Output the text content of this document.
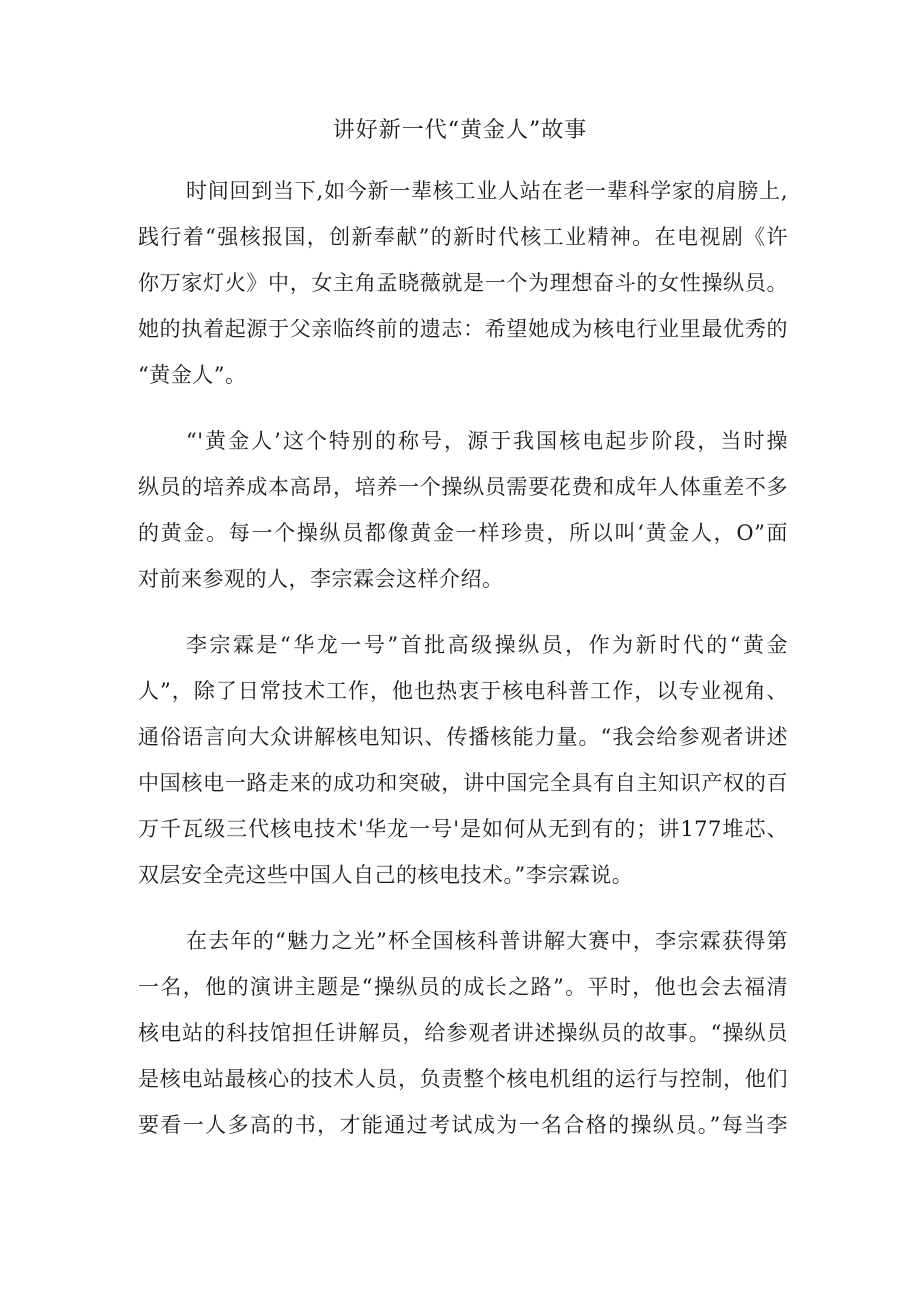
讲好新一代“黄金人”故事
时间回到当下,如今新一辈核工业人站在老一辈科学家的肩膀上,
践行着“强核报国，创新奉献”的新时代核工业精神。在电视剧《许
你万家灯火》中，女主角孟晓薇就是一个为理想奋斗的女性操纵员。
她的执着起源于父亲临终前的遗志：希望她成为核电行业里最优秀的
“黄金人”。
“'黄金人’这个特别的称号，源于我国核电起步阶段，当时操
纵员的培养成本高昂，培养一个操纵员需要花费和成年人体重差不多
的黄金。每一个操纵员都像黄金一样珍贵，所以叫‘黄金人，O”面
对前来参观的人，李宗霖会这样介绍。
李宗霖是“华龙一号”首批高级操纵员，作为新时代的“黄金
人”，除了日常技术工作，他也热衷于核电科普工作，以专业视角、
通俗语言向大众讲解核电知识、传播核能力量。“我会给参观者讲述
中国核电一路走来的成功和突破，讲中国完全具有自主知识产权的百
万千瓦级三代核电技术'华龙一号'是如何从无到有的；讲177堆芯、
双层安全壳这些中国人自己的核电技术。”李宗霖说。
在去年的“魅力之光”杯全国核科普讲解大赛中，李宗霖获得第
一名，他的演讲主题是“操纵员的成长之路”。平时，他也会去福清
核电站的科技馆担任讲解员，给参观者讲述操纵员的故事。“操纵员
是核电站最核心的技术人员，负责整个核电机组的运行与控制，他们
要看一人多高的书，才能通过考试成为一名合格的操纵员。”每当李
